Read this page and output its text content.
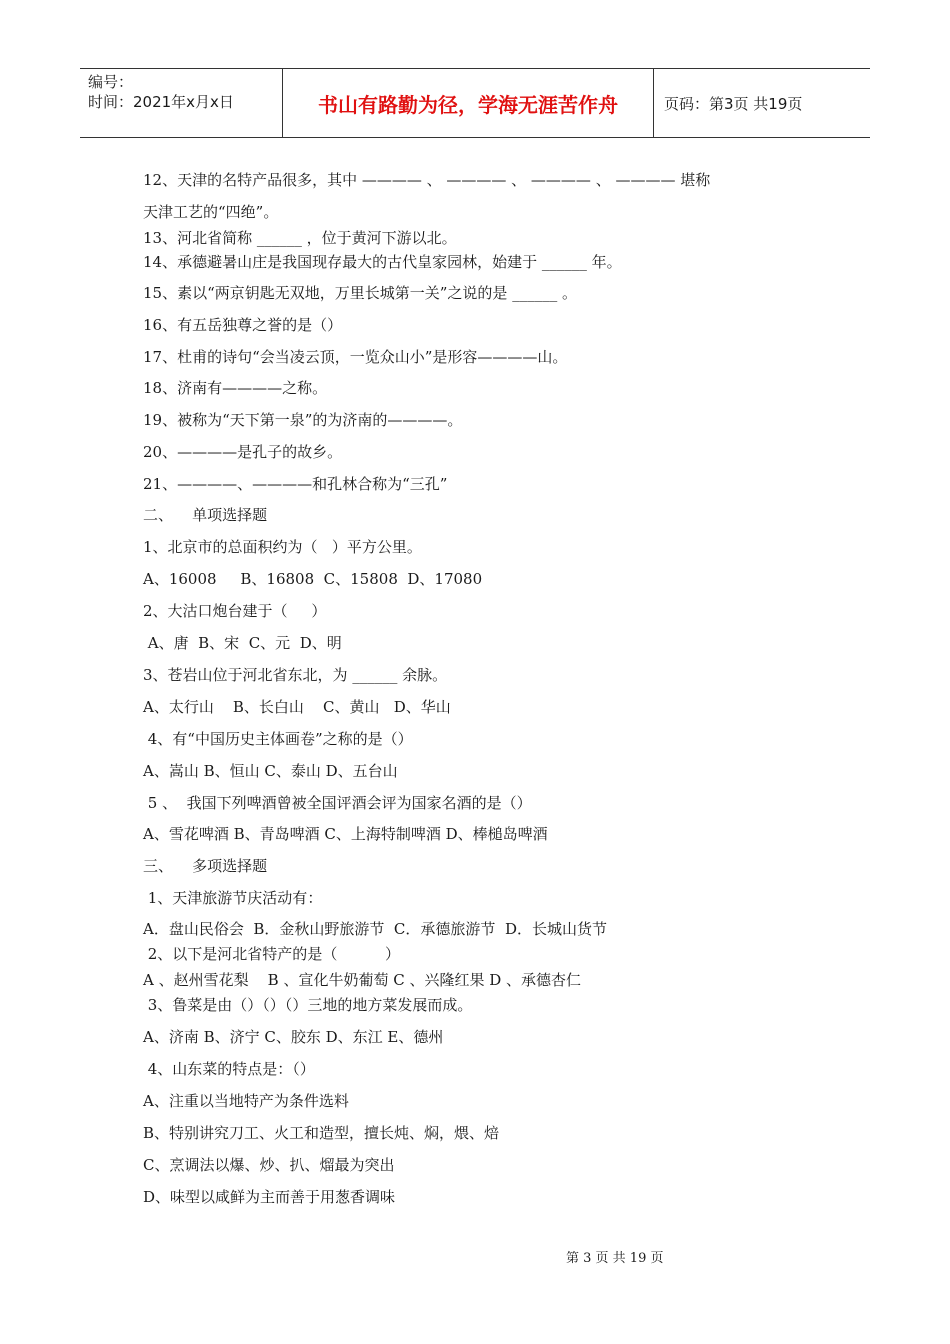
编号：
时间：2021年x月x日	书山有路勤为径，学海无涯苦作舟	页码：第3页 共19页
12、天津的名特产品很多，其中 ———— 、 ———— 、 ———— 、 ———— 堪称
天津工艺的“四绝”。
13、河北省简称 ______ ，位于黄河下游以北。
14、承德避暑山庄是我国现存最大的古代皇家园林，始建于 ______ 年。
15、素以“两京钥匙无双地，万里长城第一关”之说的是 ______ 。
16、有五岳独尊之誉的是（）
17、杜甫的诗句“会当凌云顶，一览众山小”是形容————山。
18、济南有————之称。
19、被称为“天下第一泉”的为济南的————。
20、————是孔子的故乡。
21、————、————和孔林合称为“三孔”
二、    单项选择题
1、北京市的总面积约为（   ）平方公里。
A、16008     B、16808  C、15808  D、17080
2、大沽口炮台建于（     ）
A、唐  B、宋  C、元  D、明
3、苍岩山位于河北省东北，为 ______ 余脉。
A、太行山    B、长白山    C、黄山   D、华山
4、有“中国历史主体画卷”之称的是（）
A、嵩山 B、恒山 C、泰山 D、五台山
5 、  我国下列啤酒曾被全国评酒会评为国家名酒的是（）
A、雪花啤酒 B、青岛啤酒 C、上海特制啤酒 D、棒槌岛啤酒
三、    多项选择题
1、天津旅游节庆活动有：
A．盘山民俗会  B．金秋山野旅游节  C．承德旅游节  D．长城山货节
2、以下是河北省特产的是（          ）
A 、赵州雪花梨    B 、宣化牛奶葡萄 C 、兴隆红果 D 、承德杏仁
3、鲁菜是由（）（）（）三地的地方菜发展而成。
A、济南 B、济宁 C、胶东 D、东江 E、德州
4、山东菜的特点是：（）
A、注重以当地特产为条件选料
B、特别讲究刀工、火工和造型，擅长炖、焖，煨、焙
C、烹调法以爆、炒、扒、熘最为突出
D、味型以咸鲜为主而善于用葱香调味
第 3 页 共 19 页
